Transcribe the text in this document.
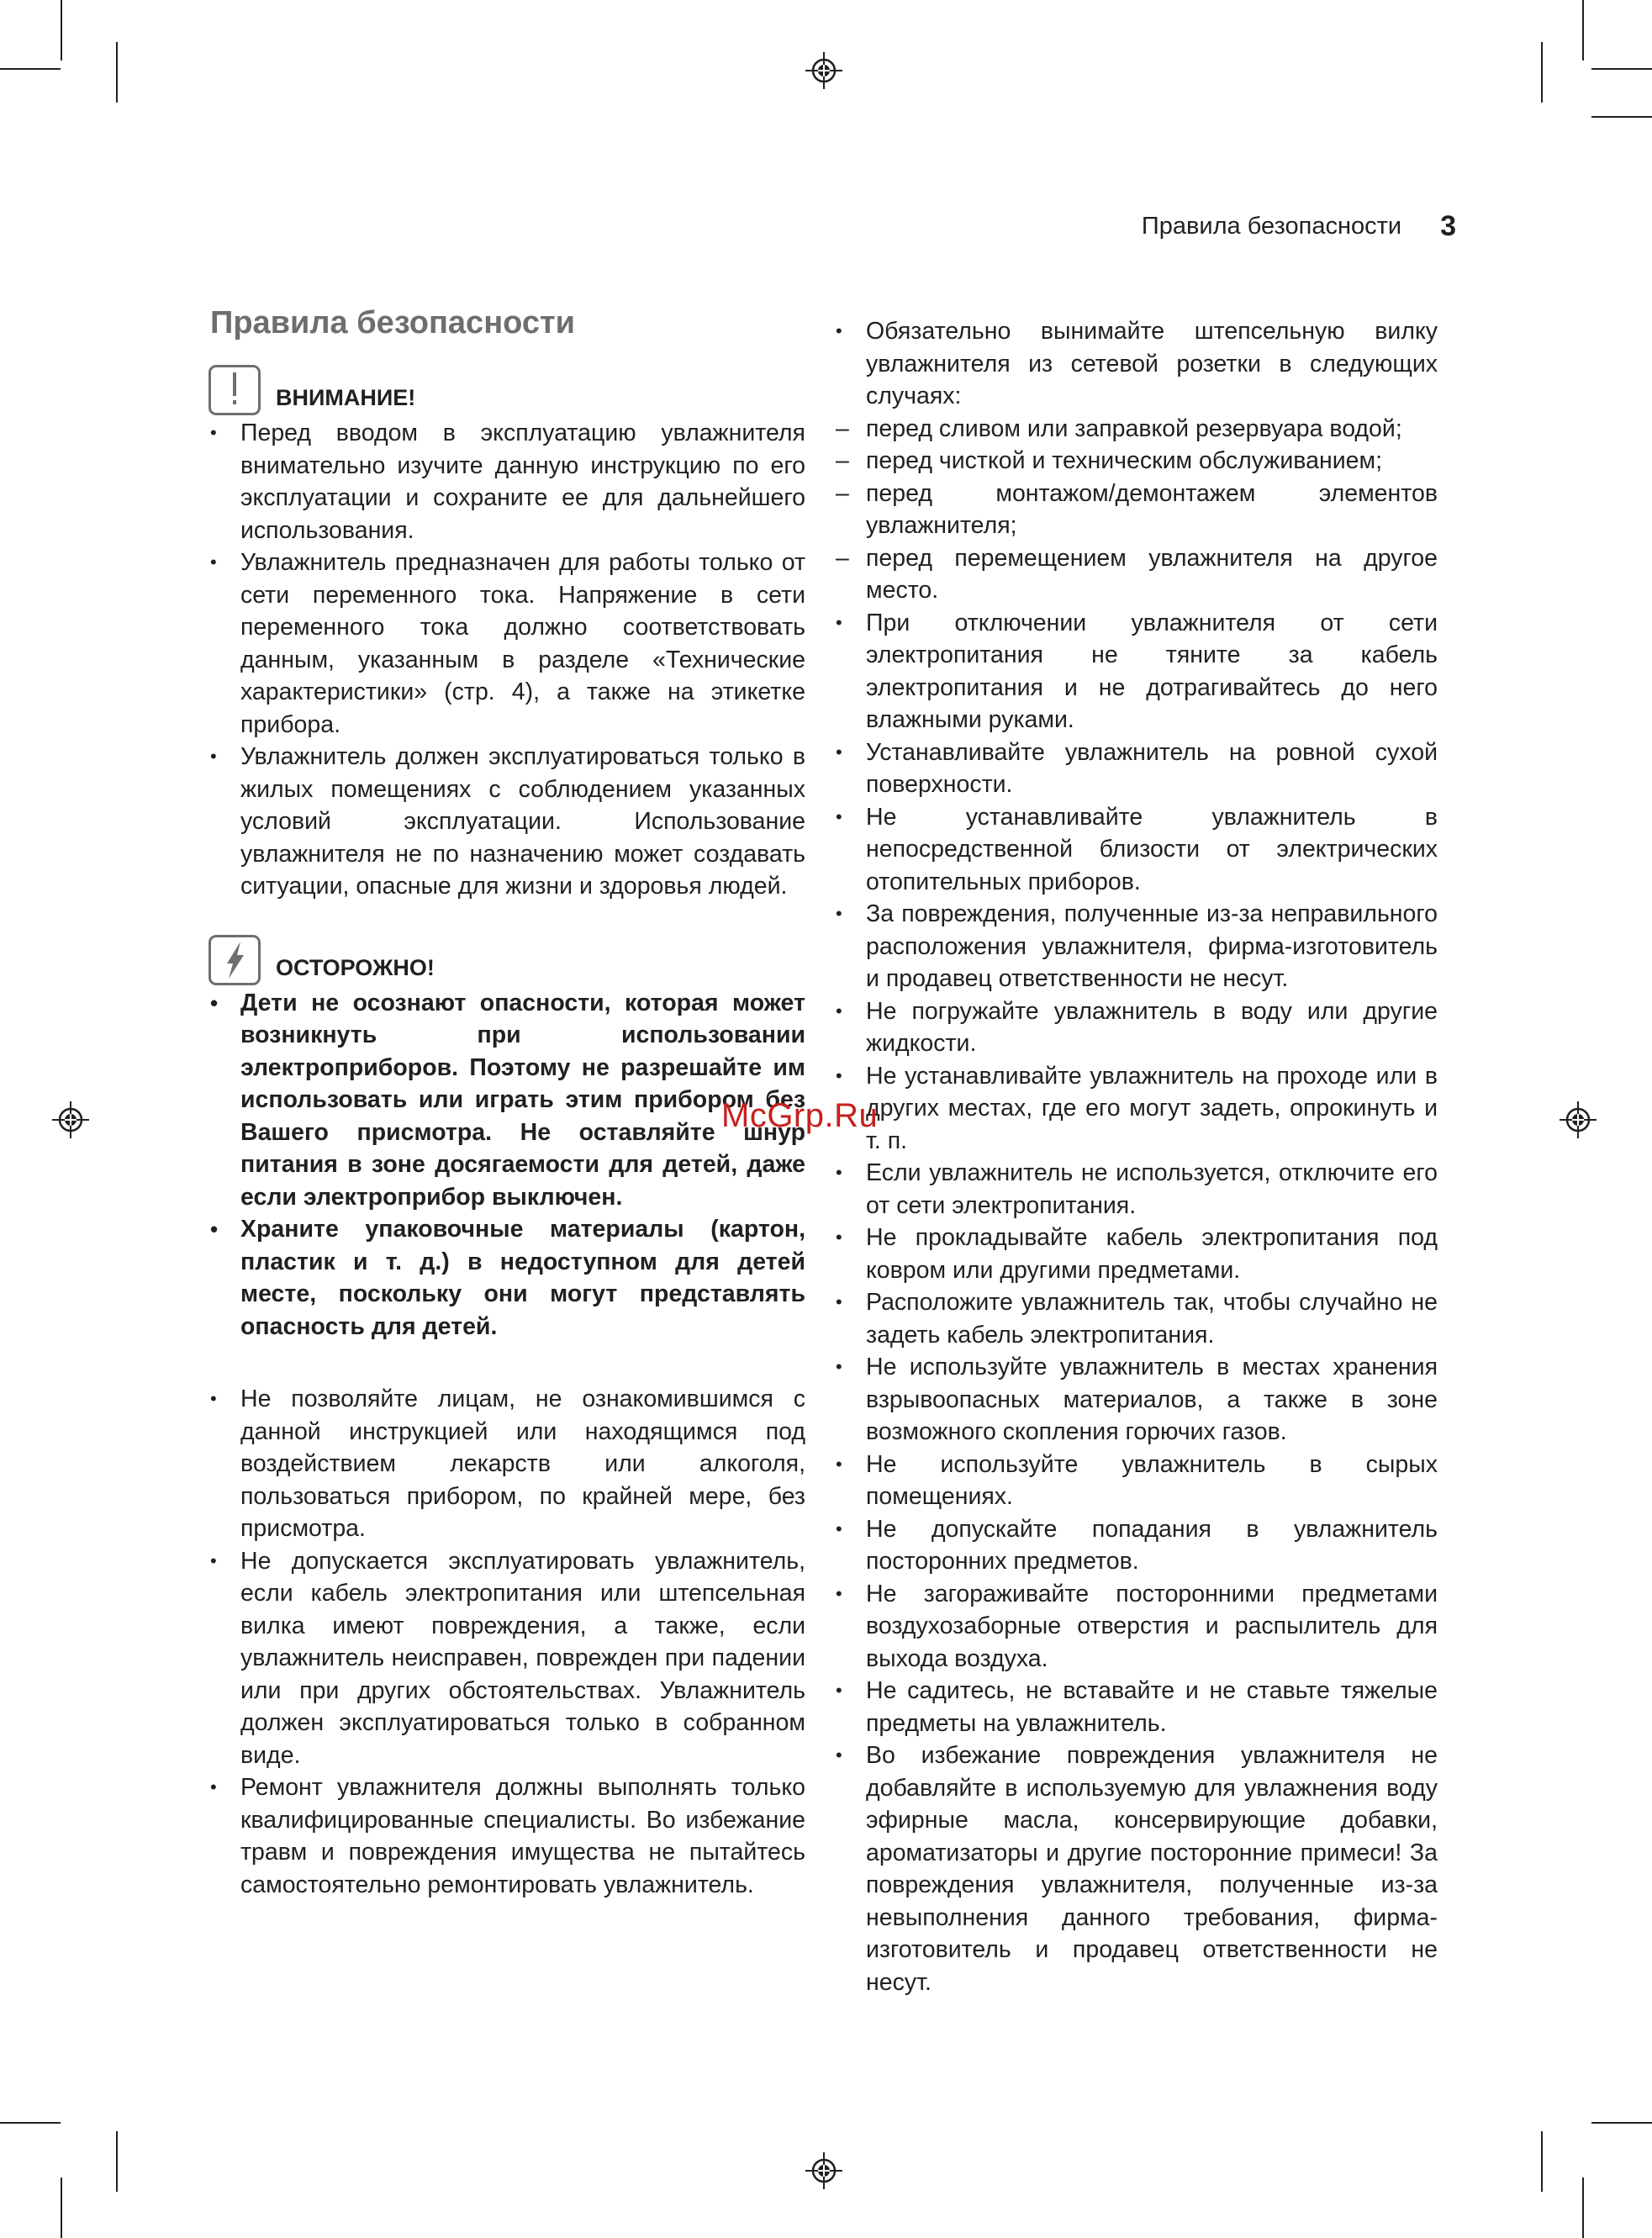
Правила безопасности 3
Правила безопасности
ВНИМАНИЕ!
• Перед вводом в эксплуатацию увлажнителя внимательно изучите данную инструкцию по его эксплуатации и сохраните ее для дальнейшего использования.
• Увлажнитель предназначен для работы только от сети переменного тока. Напряжение в сети переменного тока должно соответствовать данным, указанным в разделе «Технические характеристики» (стр. 4), а также на этикетке прибора.
• Увлажнитель должен эксплуатироваться только в жилых помещениях с соблюдением указанных условий эксплуатации. Использование увлажнителя не по назначению может создавать ситуации, опасные для жизни и здоровья людей.
ОСТОРОЖНО!
• Дети не осознают опасности, которая может возникнуть при использовании электроприборов. Поэтому не разрешайте им использовать или играть этим прибором без Вашего присмотра. Не оставляйте шнур питания в зоне досягаемости для детей, даже если электроприбор выключен.
• Храните упаковочные материалы (картон, пластик и т. д.) в недоступном для детей месте, поскольку они могут представлять опасность для детей.
• Не позволяйте лицам, не ознакомившимся с данной инструкцией или находящимся под воздействием лекарств или алкоголя, пользоваться прибором, по крайней мере, без присмотра.
• Не допускается эксплуатировать увлажнитель, если кабель электропитания или штепсельная вилка имеют повреждения, а также, если увлажнитель неисправен, поврежден при падении или при других обстоятельствах. Увлажнитель должен эксплуатироваться только в собранном виде.
• Ремонт увлажнителя должны выполнять только квалифицированные специалисты. Во избежание травм и повреждения имущества не пытайтесь самостоятельно ремонтировать увлажнитель.
• Обязательно вынимайте штепсельную вилку увлажнителя из сетевой розетки в следующих случаях:
– перед сливом или заправкой резервуара водой;
– перед чисткой и техническим обслуживанием;
– перед монтажом/демонтажем элементов увлажнителя;
– перед перемещением увлажнителя на другое место.
• При отключении увлажнителя от сети электропитания не тяните за кабель электропитания и не дотрагивайтесь до него влажными руками.
• Устанавливайте увлажнитель на ровной сухой поверхности.
• Не устанавливайте увлажнитель в непосредственной близости от электрических отопительных приборов.
• За повреждения, полученные из-за неправильного расположения увлажнителя, фирма-изготовитель и продавец ответственности не несут.
• Не погружайте увлажнитель в воду или другие жидкости.
• Не устанавливайте увлажнитель на проходе или в других местах, где его могут задеть, опрокинуть и т. п.
• Если увлажнитель не используется, отключите его от сети электропитания.
• Не прокладывайте кабель электропитания под ковром или другими предметами.
• Расположите увлажнитель так, чтобы случайно не задеть кабель электропитания.
• Не используйте увлажнитель в местах хранения взрывоопасных материалов, а также в зоне возможного скопления горючих газов.
• Не используйте увлажнитель в сырых помещениях.
• Не допускайте попадания в увлажнитель посторонних предметов.
• Не загораживайте посторонними предметами воздухозаборные отверстия и распылитель для выхода воздуха.
• Не садитесь, не вставайте и не ставьте тяжелые предметы на увлажнитель.
• Во избежание повреждения увлажнителя не добавляйте в используемую для увлажнения воду эфирные масла, консервирующие добавки, ароматизаторы и другие посторонние примеси! За повреждения увлажнителя, полученные из-за невыполнения данного требования, фирма-изготовитель и продавец ответственности не несут.
McGrp.Ru
